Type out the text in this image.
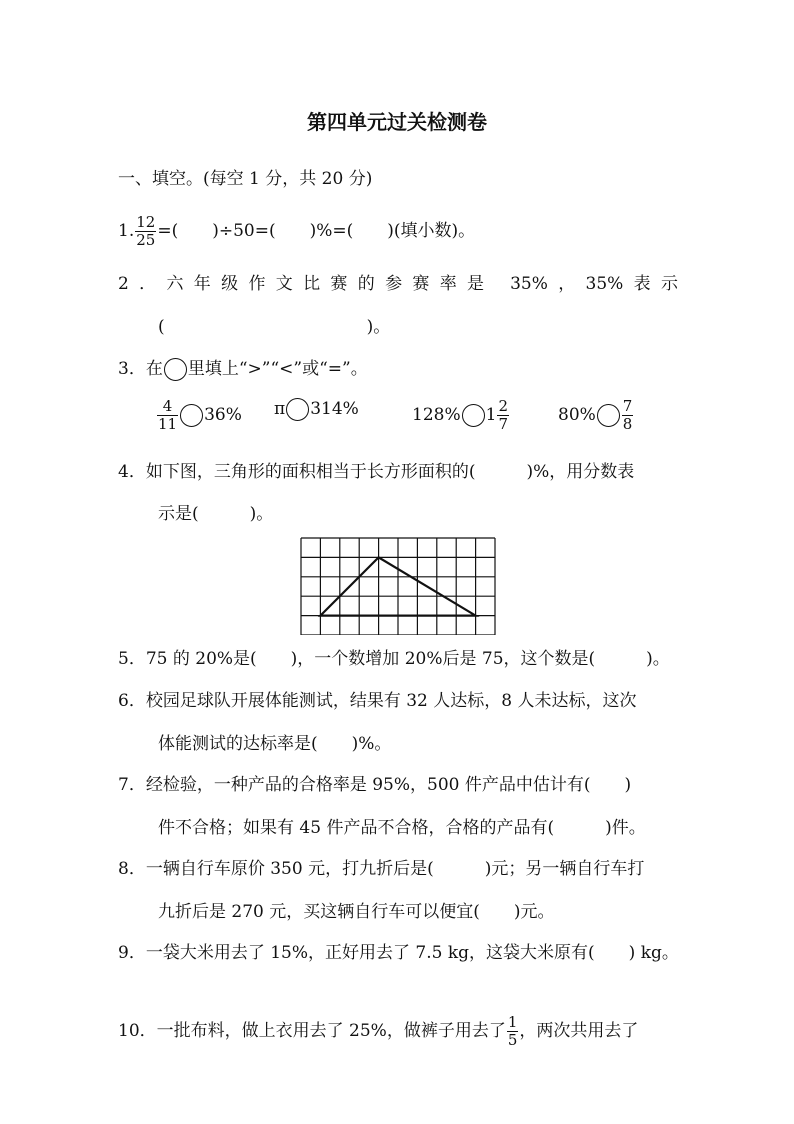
第四单元过关检测卷
一、填空。(每空 1 分，共 20 分)
1. $\frac{12}{25}$ =(　　)÷50=(　　)%=(　　)(填小数)。
2．六年级作文比赛的参赛率是 35%，35%表示
(	)。
3．在 里填上“>”“<”或“=”。
$\frac{4}{11} 36\%$ π 314%	128% $1 \frac{2}{7}$	$80\% \frac{7}{8}$
4．如下图，三角形的面积相当于长方形面积的(　　　)%，用分数表
示是(　　　)。
5．75 的 20%是(　　)，一个数增加 20%后是 75，这个数是(　　　)。
6．校园足球队开展体能测试，结果有 32 人达标，8 人未达标，这次
体能测试的达标率是(　　)%。
7．经检验，一种产品的合格率是 95%，500 件产品中估计有(　　)
件不合格；如果有 45 件产品不合格，合格的产品有(　　　)件。
8．一辆自行车原价 350 元，打九折后是(　　　)元；另一辆自行车打
九折后是 270 元，买这辆自行车可以便宜(　　)元。
9．一袋大米用去了 15%，正好用去了 7.5 kg，这袋大米原有(　　) kg。
10．一批布料，做上衣用去了 25%，做裤子用去了 $\frac{1}{5}$ ，两次共用去了
